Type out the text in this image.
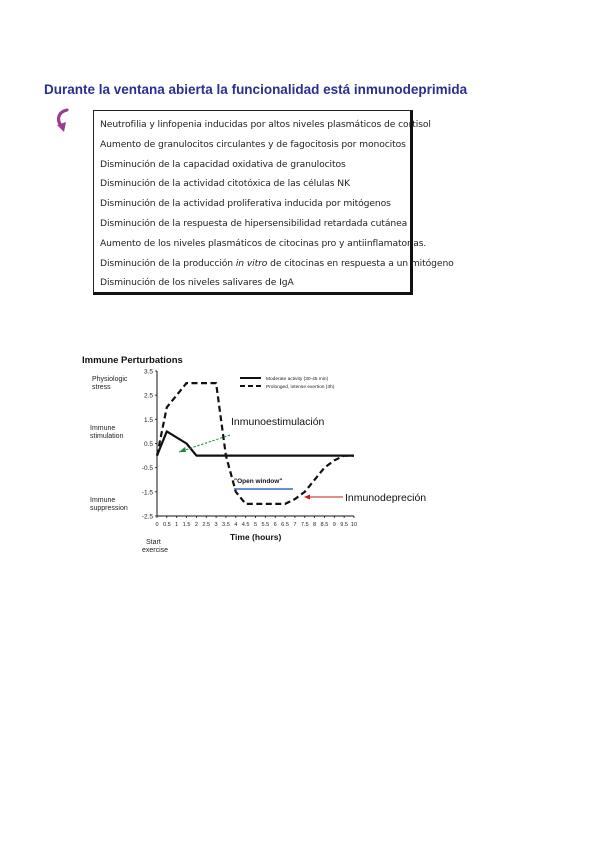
Durante la ventana abierta la funcionalidad está inmunodeprimida
Neutrofilia y linfopenia inducidas por altos niveles plasmáticos de cortisol
Aumento de granulocitos circulantes y de fagocitosis por monocitos
Disminución de la capacidad oxidativa de granulocitos
Disminución de la actividad citotóxica de las células NK
Disminución de la actividad proliferativa inducida por mitógenos
Disminución de la respuesta de hipersensibilidad retardada cutánea
Aumento de los niveles plasmáticos de citocinas pro y antiinflamatorias.
Disminución de la producción in vitro de citocinas en respuesta a un mitógeno
Disminución de los niveles salivares de IgA
Immune Perturbations
Physiologic
stress
Immune
stimulation
Immune
suppression
Start
exercise
Time (hours)
3.5
2.5
1.5
0.5
-0.5
-1.5
-2.5
0 0.5 1 1.5 2 2.5 3 3.5 4 4.5 5 5.5 6 6.5 7 7.5 8 8.5 9 9.5 10
Moderate activity (30-45 min)
Prolonged, intense exertion (3h)
Inmunoestimulación
"Open window"
Inmunodepreción
